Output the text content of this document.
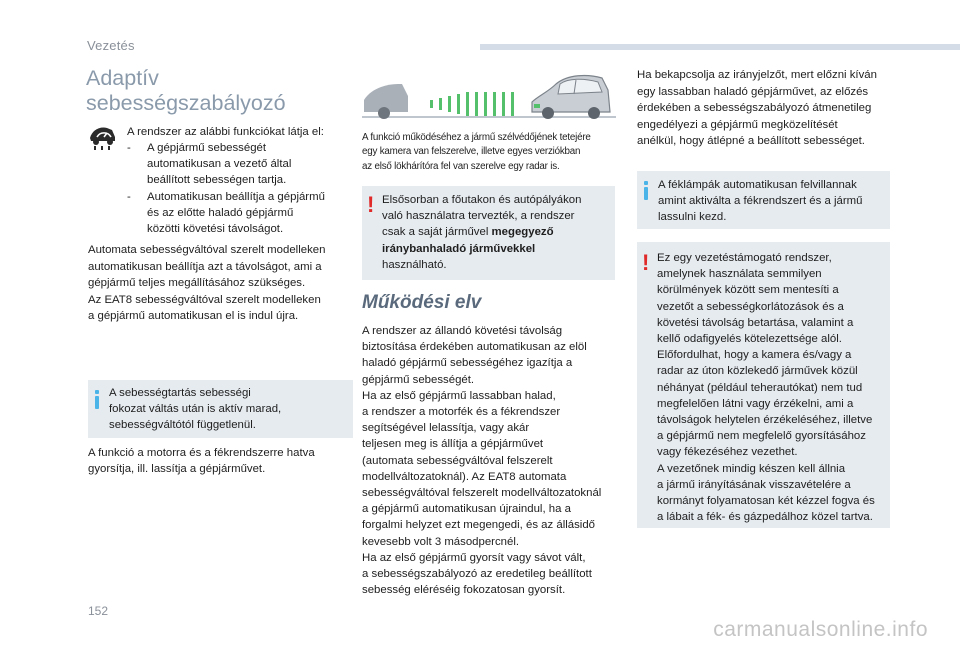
Vezetés
Adaptív
sebességszabályozó
A rendszer az alábbi funkciókat látja el:
- A gépjármű sebességét
automatikusan a vezető által
beállított sebességen tartja.
- Automatikusan beállítja a gépjármű
és az előtte haladó gépjármű
közötti követési távolságot.
Automata sebességváltóval szerelt modelleken
automatikusan beállítja azt a távolságot, ami a
gépjármű teljes megállításához szükséges.
Az EAT8 sebességváltóval szerelt modelleken
a gépjármű automatikusan el is indul újra.
A sebességtartás sebességi
fokozat váltás után is aktív marad,
sebességváltótól függetlenül.
A funkció a motorra és a fékrendszerre hatva
gyorsítja, ill. lassítja a gépjárművet.
A funkció működéséhez a jármű szélvédőjének tetejére
egy kamera van felszerelve, illetve egyes verziókban
az első lökhárítóra fel van szerelve egy radar is.
! Elsősorban a főutakon és autópályákon
való használatra tervezték, a rendszer
csak a saját járművel megegyező
iránybanhaladó járművekkel
használható.
Működési elv
A rendszer az állandó követési távolság
biztosítása érdekében automatikusan az elöl
haladó gépjármű sebességéhez igazítja a
gépjármű sebességét.
Ha az első gépjármű lassabban halad,
a rendszer a motorfék és a fékrendszer
segítségével lelassítja, vagy akár
teljesen meg is állítja a gépjárművet
(automata sebességváltóval felszerelt
modellváltozatoknál). Az EAT8 automata
sebességváltóval felszerelt modellváltozatoknál
a gépjármű automatikusan újraindul, ha a
forgalmi helyzet ezt megengedi, és az állásidő
kevesebb volt 3 másodpercnél.
Ha az első gépjármű gyorsít vagy sávot vált,
a sebességszabályozó az eredetileg beállított
sebesség eléréséig fokozatosan gyorsít.
Ha bekapcsolja az irányjelzőt, mert előzni kíván
egy lassabban haladó gépjárművet, az előzés
érdekében a sebességszabályozó átmenetileg
engedélyezi a gépjármű megközelítését
anélkül, hogy átlépné a beállított sebességet.
A féklámpák automatikusan felvillannak
amint aktiválta a fékrendszert és a jármű
lassulni kezd.
! Ez egy vezetéstámogató rendszer,
amelynek használata semmilyen
körülmények között sem mentesíti a
vezetőt a sebességkorlátozások és a
követési távolság betartása, valamint a
kellő odafigyelés kötelezettsége alól.
Előfordulhat, hogy a kamera és/vagy a
radar az úton közlekedő járművek közül
néhányat (például teherautókat) nem tud
megfelelően látni vagy érzékelni, ami a
távolságok helytelen érzékeléséhez, illetve
a gépjármű nem megfelelő gyorsításához
vagy fékezéséhez vezethet.
A vezetőnek mindig készen kell állnia
a jármű irányításának visszavételére a
kormányt folyamatosan két kézzel fogva és
a lábait a fék- és gázpedálhoz közel tartva.
152
carmanualsonline.info
